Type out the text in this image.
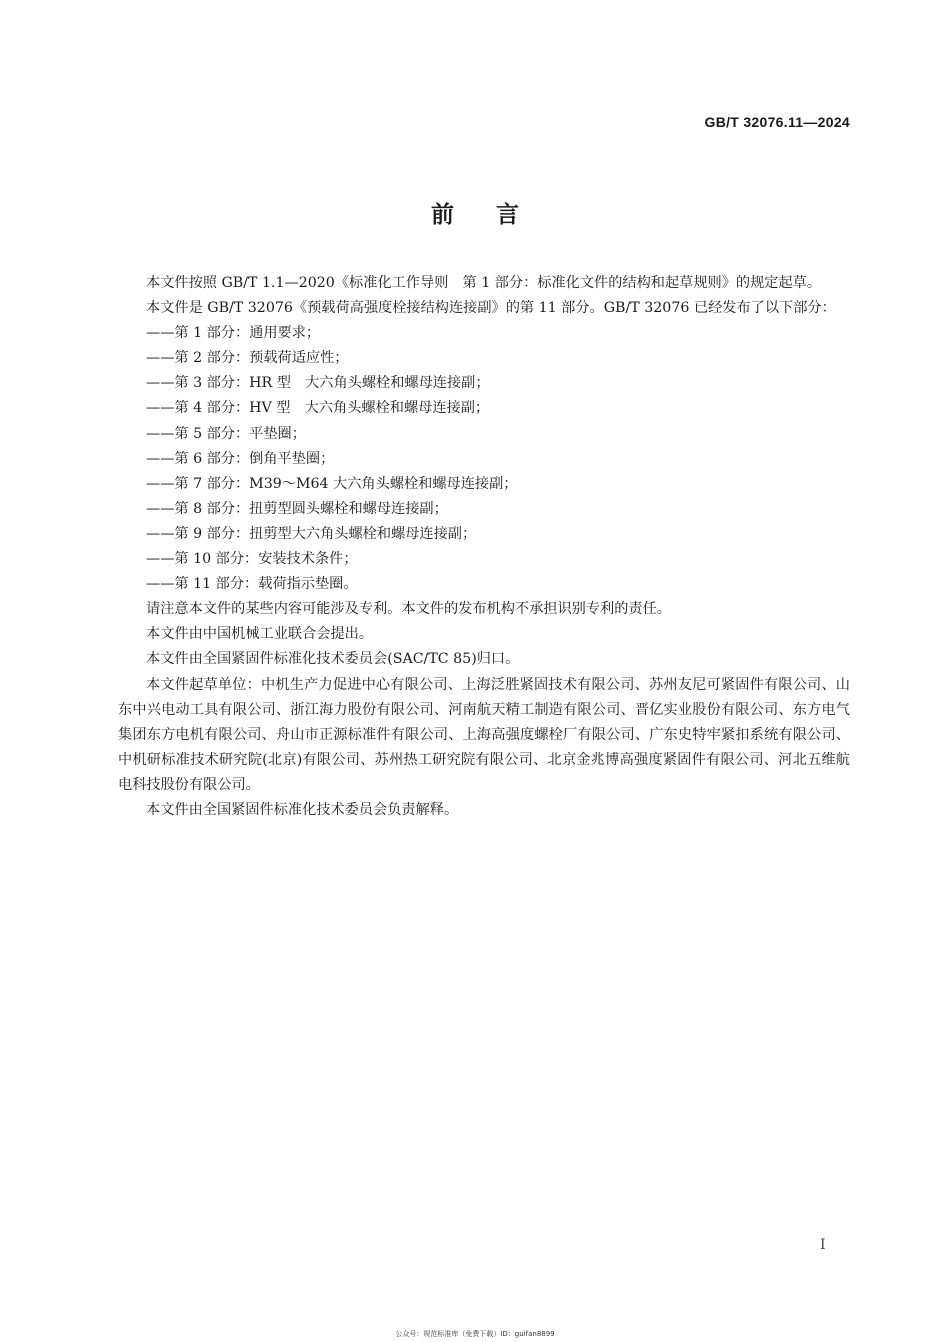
GB/T 32076.11—2024
前言

本文件按照 GB/T 1.1—2020《标准化工作导则　第 1 部分：标准化文件的结构和起草规则》的规定起草。

本文件是 GB/T 32076《预载荷高强度栓接结构连接副》的第 11 部分。GB/T 32076 已经发布了以下部分：

——第 1 部分：通用要求；

——第 2 部分：预载荷适应性；

——第 3 部分：HR 型　大六角头螺栓和螺母连接副；

——第 4 部分：HV 型　大六角头螺栓和螺母连接副；

——第 5 部分：平垫圈；

——第 6 部分：倒角平垫圈；

——第 7 部分：M39～M64 大六角头螺栓和螺母连接副；

——第 8 部分：扭剪型圆头螺栓和螺母连接副；

——第 9 部分：扭剪型大六角头螺栓和螺母连接副；

——第 10 部分：安装技术条件；

——第 11 部分：载荷指示垫圈。

请注意本文件的某些内容可能涉及专利。本文件的发布机构不承担识别专利的责任。

本文件由中国机械工业联合会提出。

本文件由全国紧固件标准化技术委员会(SAC/TC 85)归口。

本文件起草单位：中机生产力促进中心有限公司、上海泛胜紧固技术有限公司、苏州友尼可紧固件有限公司、山东中兴电动工具有限公司、浙江海力股份有限公司、河南航天精工制造有限公司、晋亿实业股份有限公司、东方电气集团东方电机有限公司、舟山市正源标准件有限公司、上海高强度螺栓厂有限公司、广东史特牢紧扣系统有限公司、中机研标准技术研究院(北京)有限公司、苏州热工研究院有限公司、北京金兆博高强度紧固件有限公司、河北五维航电科技股份有限公司。

本文件由全国紧固件标准化技术委员会负责解释。

I
公众号：规范标准库（免费下载）ID：guifan8899
